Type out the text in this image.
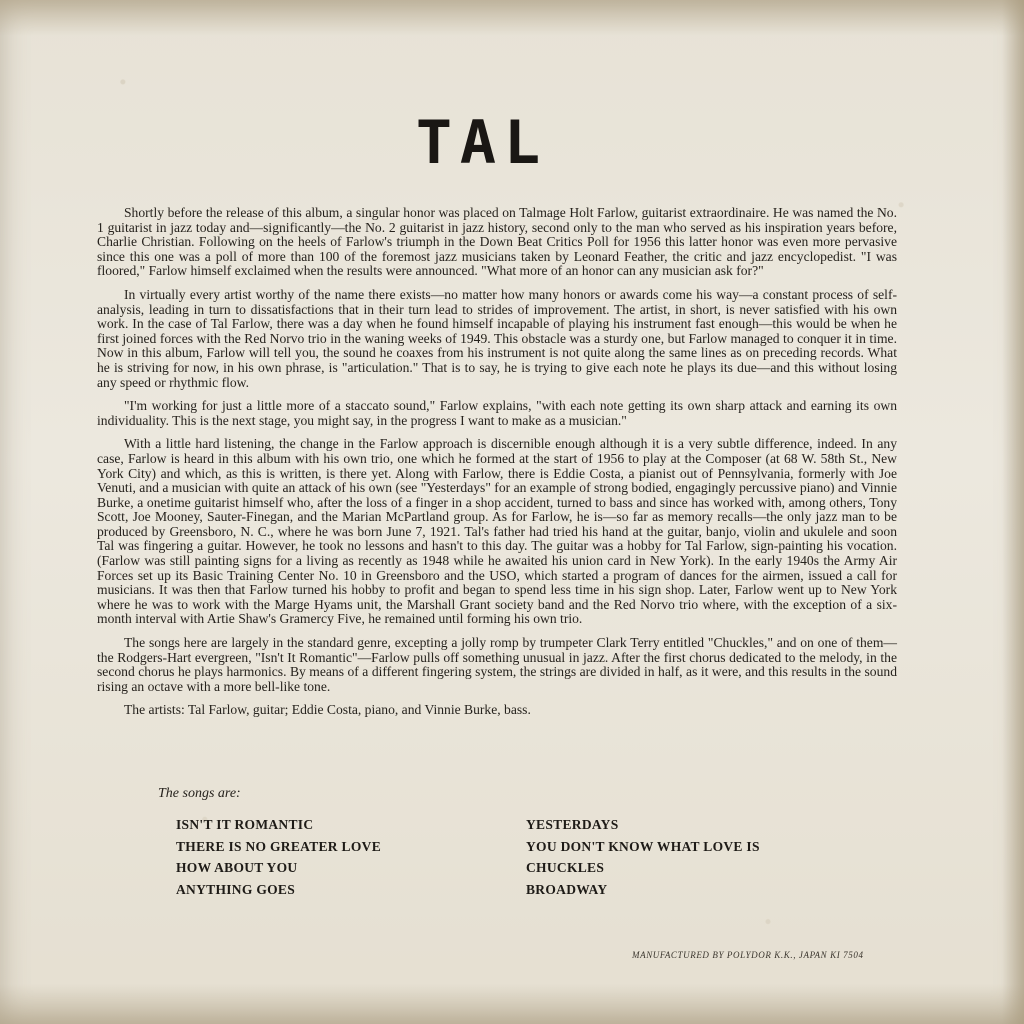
TAL

Shortly before the release of this album, a singular honor was placed on Talmage Holt Farlow, guitarist extraordinaire. He was named the No. 1 guitarist in jazz today and—significantly—the No. 2 guitarist in jazz history, second only to the man who served as his inspiration years before, Charlie Christian. Following on the heels of Farlow's triumph in the Down Beat Critics Poll for 1956 this latter honor was even more pervasive since this one was a poll of more than 100 of the foremost jazz musicians taken by Leonard Feather, the critic and jazz encyclopedist. "I was floored," Farlow himself exclaimed when the results were announced. "What more of an honor can any musician ask for?"

In virtually every artist worthy of the name there exists—no matter how many honors or awards come his way—a constant process of self-analysis, leading in turn to dissatisfactions that in their turn lead to strides of improvement. The artist, in short, is never satisfied with his own work. In the case of Tal Farlow, there was a day when he found himself incapable of playing his instrument fast enough—this would be when he first joined forces with the Red Norvo trio in the waning weeks of 1949. This obstacle was a sturdy one, but Farlow managed to conquer it in time. Now in this album, Farlow will tell you, the sound he coaxes from his instrument is not quite along the same lines as on preceding records. What he is striving for now, in his own phrase, is "articulation." That is to say, he is trying to give each note he plays its due—and this without losing any speed or rhythmic flow.

"I'm working for just a little more of a staccato sound," Farlow explains, "with each note getting its own sharp attack and earning its own individuality. This is the next stage, you might say, in the progress I want to make as a musician."

With a little hard listening, the change in the Farlow approach is discernible enough although it is a very subtle difference, indeed. In any case, Farlow is heard in this album with his own trio, one which he formed at the start of 1956 to play at the Composer (at 68 W. 58th St., New York City) and which, as this is written, is there yet. Along with Farlow, there is Eddie Costa, a pianist out of Pennsylvania, formerly with Joe Venuti, and a musician with quite an attack of his own (see "Yesterdays" for an example of strong bodied, engagingly percussive piano) and Vinnie Burke, a onetime guitarist himself who, after the loss of a finger in a shop accident, turned to bass and since has worked with, among others, Tony Scott, Joe Mooney, Sauter-Finegan, and the Marian McPartland group. As for Farlow, he is—so far as memory recalls—the only jazz man to be produced by Greensboro, N. C., where he was born June 7, 1921. Tal's father had tried his hand at the guitar, banjo, violin and ukulele and soon Tal was fingering a guitar. However, he took no lessons and hasn't to this day. The guitar was a hobby for Tal Farlow, sign-painting his vocation. (Farlow was still painting signs for a living as recently as 1948 while he awaited his union card in New York). In the early 1940s the Army Air Forces set up its Basic Training Center No. 10 in Greensboro and the USO, which started a program of dances for the airmen, issued a call for musicians. It was then that Farlow turned his hobby to profit and began to spend less time in his sign shop. Later, Farlow went up to New York where he was to work with the Marge Hyams unit, the Marshall Grant society band and the Red Norvo trio where, with the exception of a six-month interval with Artie Shaw's Gramercy Five, he remained until forming his own trio.

The songs here are largely in the standard genre, excepting a jolly romp by trumpeter Clark Terry entitled "Chuckles," and on one of them—the Rodgers-Hart evergreen, "Isn't It Romantic"—Farlow pulls off something unusual in jazz. After the first chorus dedicated to the melody, in the second chorus he plays harmonics. By means of a different fingering system, the strings are divided in half, as it were, and this results in the sound rising an octave with a more bell-like tone.

The artists: Tal Farlow, guitar; Eddie Costa, piano, and Vinnie Burke, bass.

The songs are:
ISN'T IT ROMANTIC
THERE IS NO GREATER LOVE
HOW ABOUT YOU
ANYTHING GOES
YESTERDAYS
YOU DON'T KNOW WHAT LOVE IS
CHUCKLES
BROADWAY
MANUFACTURED BY POLYDOR K.K., JAPAN KI 7504
